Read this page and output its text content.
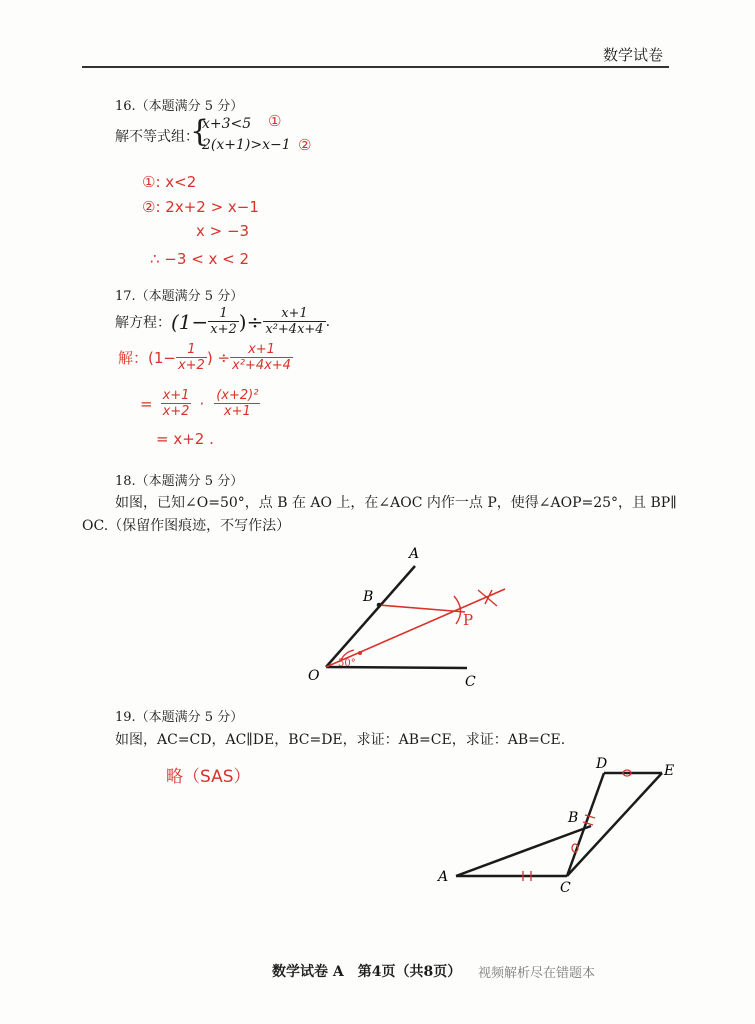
数学试卷
16.（本题满分 5 分）
解不等式组：
{
x+3<5
2(x+1)>x−1
①
②
①: x<2
②: 2x+2 > x−1
x > −3
∴ −3 < x < 2
17.（本题满分 5 分）
解方程： ($1- \frac{1}{x+2}$ )÷ $\frac{x+1}{\text{x²+4x+4}}$ .
解：($1- \frac{1}{x+2}$ ) ÷ $\frac{x+1}{\text{x²+4x+4}}$
= $\frac{x+1}{x+2} \cdot \frac{\text{(x+2)²}}{x+1}$
= x+2 .
18.（本题满分 5 分）
如图，已知∠O=50°，点 B 在 AO 上，在∠AOC 内作一点 P，使得∠AOP=25°，且 BP∥
OC.（保留作图痕迹，不写作法）
A
B
O	C
P
50°
A
B
C
D	E
19.（本题满分 5 分）
如图，AC=CD，AC∥DE，BC=DE，求证：AB=CE，求证：AB=CE.
略（SAS）
数学试卷 A　第4页（共8页） 视频解析尽在错题本
